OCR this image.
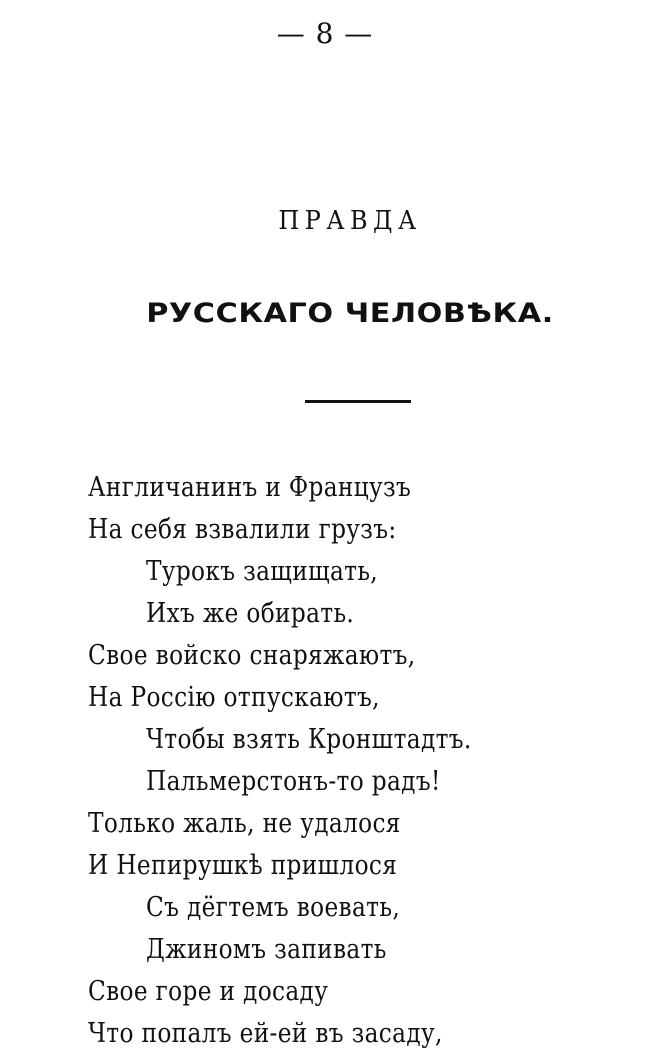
— 8 —
ПРАВДА
РУССКАГО ЧЕЛОВѢКА.
Англичанинъ и Французъ
На себя взвалили грузъ:
Турокъ защищать,
Ихъ же обирать.
Свое войско снаряжаютъ,
На Россію отпускаютъ,
Чтобы взять Кронштадтъ.
Пальмерстонъ-то радъ!
Только жаль, не удалося
И Непирушкѣ пришлося
Съ дёгтемъ воевать,
Джиномъ запивать
Свое горе и досаду
Что попалъ ей-ей въ засаду,
